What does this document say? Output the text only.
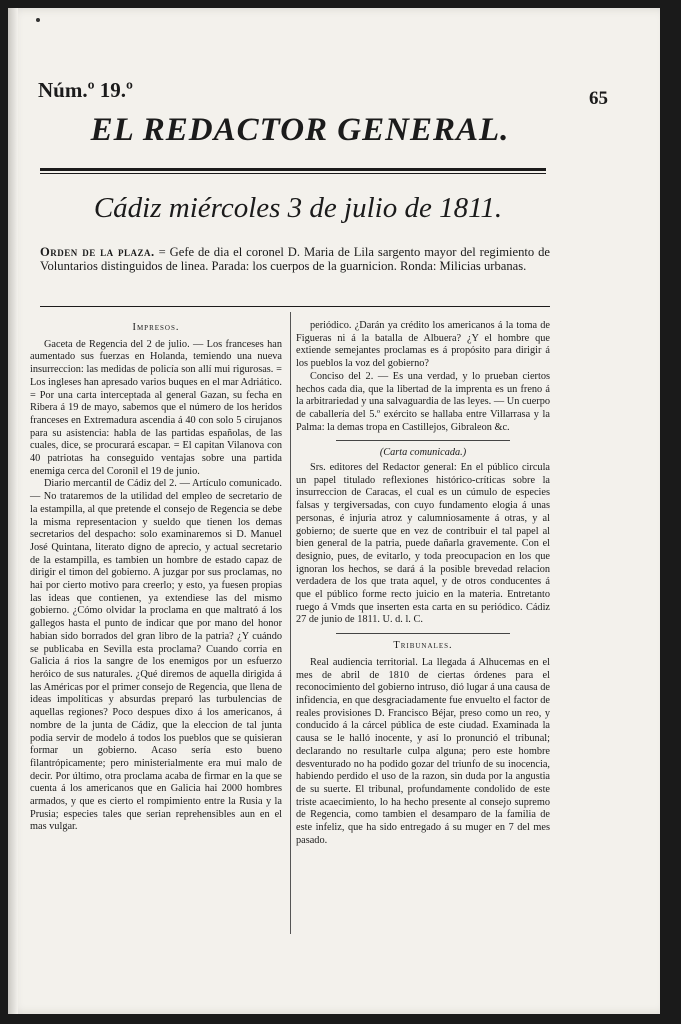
Núm.º 19.º	65
EL REDACTOR GENERAL.
Cádiz miércoles 3 de julio de 1811.
Orden de la plaza. = Gefe de dia el coronel D. Maria de Lila sargento mayor del regimiento de Voluntarios distinguidos de linea. Parada: los cuerpos de la guarnicion. Ronda: Milicias urbanas.

Impresos.

Gaceta de Regencia del 2 de julio. — Los franceses han aumentado sus fuerzas en Holanda, temiendo una nueva insurreccion: las medidas de policía son allí mui rigurosas. = Los ingleses han apresado varios buques en el mar Adriático. = Por una carta interceptada al general Gazan, su fecha en Ribera á 19 de mayo, sabemos que el número de los heridos franceses en Extremadura ascendia á 40 con solo 5 cirujanos para su asistencia: habla de las partidas españolas, de las cuales, dice, se procurará escapar. = El capitan Vilanova con 40 patriotas ha conseguido ventajas sobre una partida enemiga cerca del Coronil el 19 de junio.

Diario mercantil de Cádiz del 2. — Artículo comunicado. — No trataremos de la utilidad del empleo de secretario de la estampilla, al que pretende el consejo de Regencia se debe la misma representacion y sueldo que tienen los demas secretarios del despacho: solo examinaremos si D. Manuel José Quintana, literato digno de aprecio, y actual secretario de la estampilla, es tambien un hombre de estado capaz de dirigir el timon del gobierno. A juzgar por sus proclamas, no hai por cierto motivo para creerlo; y esto, ya fuesen propias las ideas que contienen, ya extendiese las del mismo gobierno. ¿Cómo olvidar la proclama en que maltrató á los gallegos hasta el punto de indicar que por mano del honor habian sido borrados del gran libro de la patria? ¿Y cuándo se publicaba en Sevilla esta proclama? Cuando corria en Galicia á rios la sangre de los enemigos por un esfuerzo heróico de sus naturales. ¿Qué diremos de aquella dirigida á las Américas por el primer consejo de Regencia, que llena de ideas impolíticas y absurdas preparó las turbulencias de aquellas regiones? Poco despues dixo á los americanos, á nombre de la junta de Cádiz, que la eleccion de tal junta podia servir de modelo á todos los pueblos que se quisieran formar un gobierno. Acaso sería esto bueno filantrópicamente; pero ministerialmente era mui malo de decir. Por último, otra proclama acaba de firmar en la que se cuenta á los americanos que en Galicia hai 2000 hombres armados, y que es cierto el rompimiento entre la Rusia y la Prusia; especies tales que serian reprehensibles aun en el mas vulgar.

periódico. ¿Darán ya crédito los americanos á la toma de Figueras ni á la batalla de Albuera? ¿Y el hombre que extiende semejantes proclamas es á propósito para dirigir á los pueblos la voz del gobierno?

Conciso del 2. — Es una verdad, y lo prueban ciertos hechos cada dia, que la libertad de la imprenta es un freno á la arbitrariedad y una salvaguardia de las leyes. — Un cuerpo de caballería del 5.º exército se hallaba entre Villarrasa y la Palma: la demas tropa en Castillejos, Gibraleon &c.

(Carta comunicada.)

Srs. editores del Redactor general: En el público circula un papel titulado reflexiones histórico-críticas sobre la insurreccion de Caracas, el cual es un cúmulo de especies falsas y tergiversadas, con cuyo fundamento elogia á unas personas, é injuria atroz y calumniosamente á otras, y al gobierno; de suerte que en vez de contribuir el tal papel al bien general de la patria, puede dañarla gravemente. Con el designio, pues, de evitarlo, y toda preocupacion en los que ignoran los hechos, se dará á la posible brevedad relacion verdadera de los que trata aquel, y de otros conducentes á que el público forme recto juicio en la materia. Entretanto ruego á Vmds que inserten esta carta en su periódico. Cádiz 27 de junio de 1811. U. d. l. C.

Tribunales.

Real audiencia territorial. La llegada á Alhucemas en el mes de abril de 1810 de ciertas órdenes para el reconocimiento del gobierno intruso, dió lugar á una causa de infidencia, en que desgraciadamente fue envuelto el factor de reales provisiones D. Francisco Béjar, preso como un reo, y conducido á la cárcel pública de este ciudad. Examinada la causa se le halló inocente, y así lo pronunció el tribunal; declarando no resultarle culpa alguna; pero este hombre desventurado no ha podido gozar del triunfo de su inocencia, habiendo perdido el uso de la razon, sin duda por la angustia de su suerte. El tribunal, profundamente condolido de este triste acaecimiento, lo ha hecho presente al consejo supremo de Regencia, como tambien el desamparo de la familia de este infeliz, que ha sido entregado á su muger en 7 del mes pasado.
